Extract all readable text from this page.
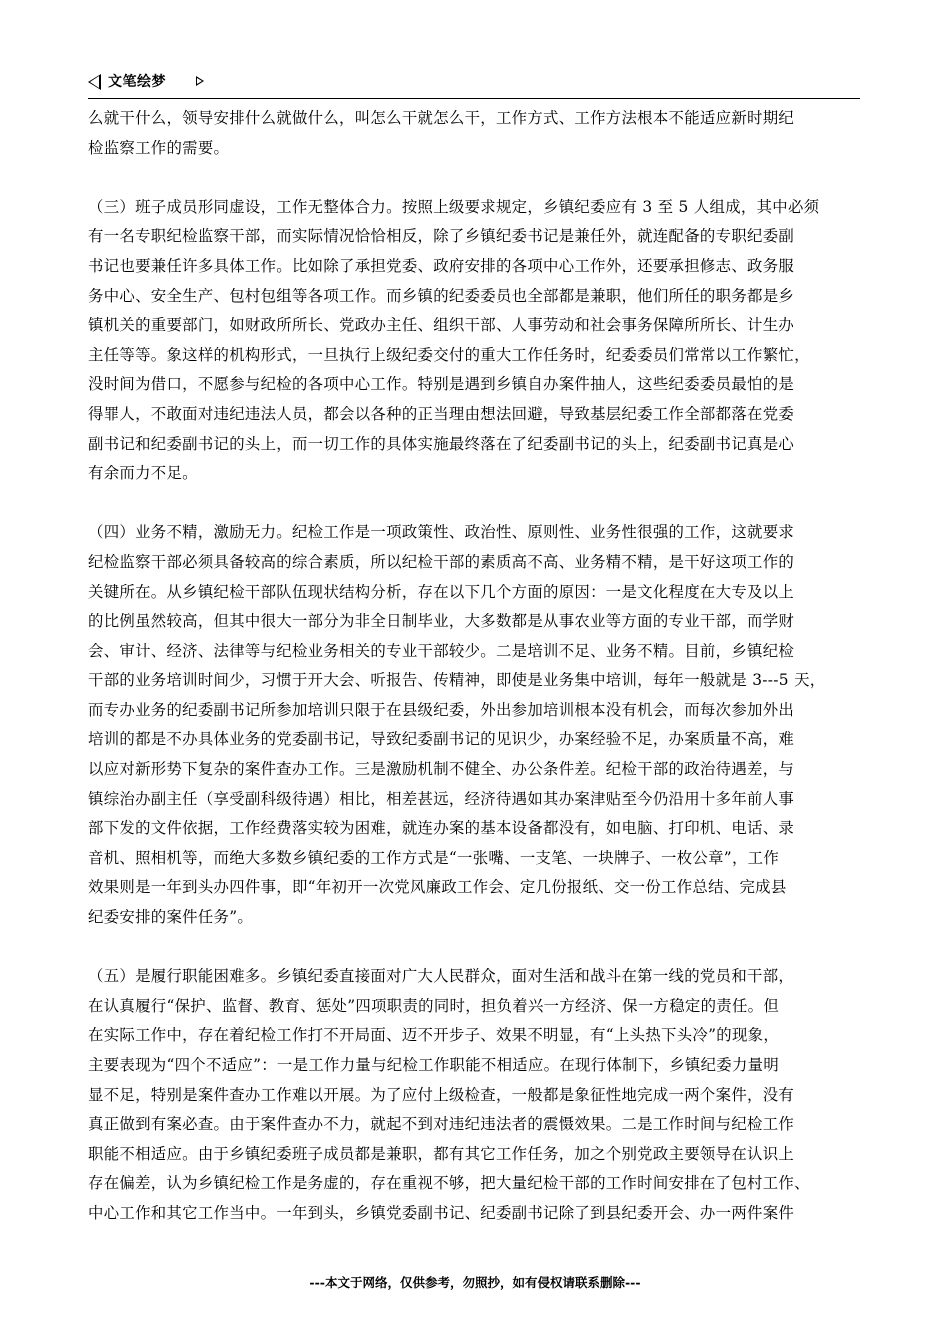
文笔绘梦
么就干什么，领导安排什么就做什么，叫怎么干就怎么干，工作方式、工作方法根本不能适应新时期纪
检监察工作的需要。
（三）班子成员形同虚设，工作无整体合力。按照上级要求规定，乡镇纪委应有 3 至 5 人组成，其中必须
有一名专职纪检监察干部，而实际情况恰恰相反，除了乡镇纪委书记是兼任外，就连配备的专职纪委副
书记也要兼任许多具体工作。比如除了承担党委、政府安排的各项中心工作外，还要承担修志、政务服
务中心、安全生产、包村包组等各项工作。而乡镇的纪委委员也全部都是兼职，他们所任的职务都是乡
镇机关的重要部门，如财政所所长、党政办主任、组织干部、人事劳动和社会事务保障所所长、计生办
主任等等。象这样的机构形式，一旦执行上级纪委交付的重大工作任务时，纪委委员们常常以工作繁忙，
没时间为借口，不愿参与纪检的各项中心工作。特别是遇到乡镇自办案件抽人，这些纪委委员最怕的是
得罪人，不敢面对违纪违法人员，都会以各种的正当理由想法回避，导致基层纪委工作全部都落在党委
副书记和纪委副书记的头上，而一切工作的具体实施最终落在了纪委副书记的头上，纪委副书记真是心
有余而力不足。
（四）业务不精，激励无力。纪检工作是一项政策性、政治性、原则性、业务性很强的工作，这就要求
纪检监察干部必须具备较高的综合素质，所以纪检干部的素质高不高、业务精不精，是干好这项工作的
关键所在。从乡镇纪检干部队伍现状结构分析，存在以下几个方面的原因：一是文化程度在大专及以上
的比例虽然较高，但其中很大一部分为非全日制毕业，大多数都是从事农业等方面的专业干部，而学财
会、审计、经济、法律等与纪检业务相关的专业干部较少。二是培训不足、业务不精。目前，乡镇纪检
干部的业务培训时间少，习惯于开大会、听报告、传精神，即使是业务集中培训，每年一般就是 3---5 天，
而专办业务的纪委副书记所参加培训只限于在县级纪委，外出参加培训根本没有机会，而每次参加外出
培训的都是不办具体业务的党委副书记，导致纪委副书记的见识少，办案经验不足，办案质量不高，难
以应对新形势下复杂的案件查办工作。三是激励机制不健全、办公条件差。纪检干部的政治待遇差，与
镇综治办副主任（享受副科级待遇）相比，相差甚远，经济待遇如其办案津贴至今仍沿用十多年前人事
部下发的文件依据，工作经费落实较为困难，就连办案的基本设备都没有，如电脑、打印机、电话、录
音机、照相机等，而绝大多数乡镇纪委的工作方式是“一张嘴、一支笔、一块牌子、一枚公章”，工作
效果则是一年到头办四件事，即“年初开一次党风廉政工作会、定几份报纸、交一份工作总结、完成县
纪委安排的案件任务”。
（五）是履行职能困难多。乡镇纪委直接面对广大人民群众，面对生活和战斗在第一线的党员和干部，
在认真履行“保护、监督、教育、惩处”四项职责的同时，担负着兴一方经济、保一方稳定的责任。但
在实际工作中，存在着纪检工作打不开局面、迈不开步子、效果不明显，有“上头热下头冷”的现象，
主要表现为“四个不适应”：一是工作力量与纪检工作职能不相适应。在现行体制下，乡镇纪委力量明
显不足，特别是案件查办工作难以开展。为了应付上级检查，一般都是象征性地完成一两个案件，没有
真正做到有案必查。由于案件查办不力，就起不到对违纪违法者的震慑效果。二是工作时间与纪检工作
职能不相适应。由于乡镇纪委班子成员都是兼职，都有其它工作任务，加之个别党政主要领导在认识上
存在偏差，认为乡镇纪检工作是务虚的，存在重视不够，把大量纪检干部的工作时间安排在了包村工作、
中心工作和其它工作当中。一年到头，乡镇党委副书记、纪委副书记除了到县纪委开会、办一两件案件
---本文于网络，仅供参考，勿照抄，如有侵权请联系删除---
